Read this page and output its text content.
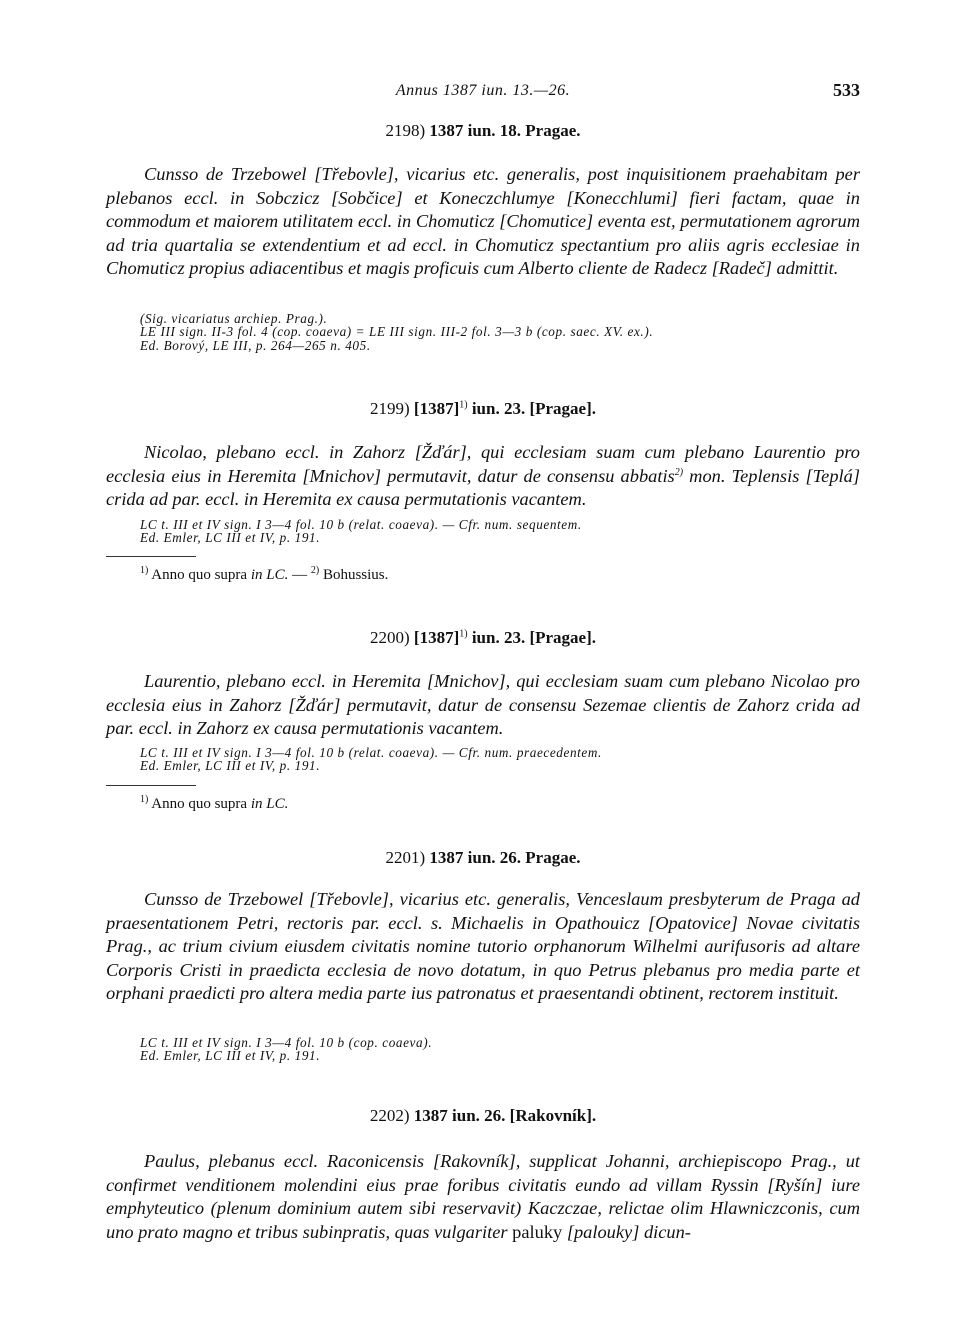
Annus 1387 iun. 13.—26.	533
2198) 1387 iun. 18. Pragae.
Cunsso de Trzebowel [Třebovle], vicarius etc. generalis, post inquisitionem praehabitam per plebanos eccl. in Sobczicz [Sobčice] et Koneczchlumye [Konecchlumi] fieri factam, quae in commodum et maiorem utilitatem eccl. in Chomuticz [Chomutice] eventa est, permutationem agrorum ad tria quartalia se extendentium et ad eccl. in Chomuticz spectantium pro aliis agris ecclesiae in Chomuticz propius adiacentibus et magis proficuis cum Alberto cliente de Radecz [Radeč] admittit.
(Sig. vicariatus archiep. Prag.).
LE III sign. II-3 fol. 4 (cop. coaeva) = LE III sign. III-2 fol. 3—3 b (cop. saec. XV. ex.).
Ed. Borový, LE III, p. 264—265 n. 405.
2199) $[1387]^{1)}$ iun. 23. [Pragae].
Nicolao, plebano eccl. in Zahorz [Žďár], qui ecclesiam suam cum plebano Laurentio pro ecclesia eius in Heremita [Mnichov] permutavit, datur de consensu abbatis$^{2)}$ mon. Teplensis [Teplá] crida ad par. eccl. in Heremita ex causa permutationis vacantem.
LC t. III et IV sign. I 3—4 fol. 10 b (relat. coaeva). — Cfr. num. sequentem.
Ed. Emler, LC III et IV, p. 191.
$^{1)}$ Anno quo supra in LC. — $^{2)}$ Bohussius.
2200) $[1387]^{1)}$ iun. 23. [Pragae].
Laurentio, plebano eccl. in Heremita [Mnichov], qui ecclesiam suam cum plebano Nicolao pro ecclesia eius in Zahorz [Žďár] permutavit, datur de consensu Sezemae clientis de Zahorz crida ad par. eccl. in Zahorz ex causa permutationis vacantem.
LC t. III et IV sign. I 3—4 fol. 10 b (relat. coaeva). — Cfr. num. praecedentem.
Ed. Emler, LC III et IV, p. 191.
$^{1)}$ Anno quo supra in LC.
2201) 1387 iun. 26. Pragae.
Cunsso de Trzebowel [Třebovle], vicarius etc. generalis, Venceslaum presbyterum de Praga ad praesentationem Petri, rectoris par. eccl. s. Michaelis in Opathouicz [Opatovice] Novae civitatis Prag., ac trium civium eiusdem civitatis nomine tutorio orphanorum Wilhelmi aurifusoris ad altare Corporis Cristi in praedicta ecclesia de novo dotatum, in quo Petrus plebanus pro media parte et orphani praedicti pro altera media parte ius patronatus et praesentandi obtinent, rectorem instituit.
LC t. III et IV sign. I 3—4 fol. 10 b (cop. coaeva).
Ed. Emler, LC III et IV, p. 191.
2202) 1387 iun. 26. [Rakovník].
Paulus, plebanus eccl. Raconicensis [Rakovník], supplicat Johanni, archiepiscopo Prag., ut confirmet venditionem molendini eius prae foribus civitatis eundo ad villam Ryssin [Ryšín] iure emphyteutico (plenum dominium autem sibi reservavit) Kaczczae, relictae olim Hlawniczconis, cum uno prato magno et tribus subinpratis, quas vulgariter paluky [palouky] dicun-
